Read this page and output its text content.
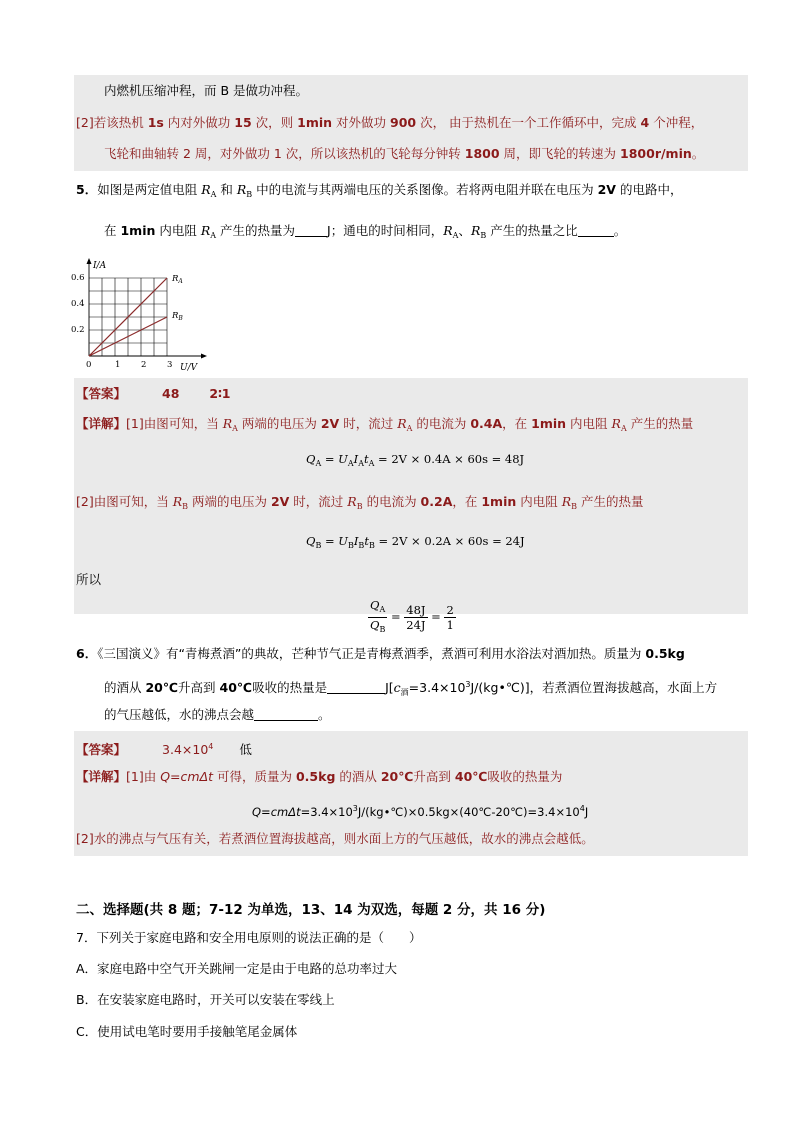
内燃机压缩冲程，而 B 是做功冲程。
[2]若该热机 1s 内对外做功 15 次，则 1min 对外做功 900 次， 由于热机在一个工作循环中，完成 4 个冲程，
飞轮和曲轴转 2 周，对外做功 1 次，所以该热机的飞轮每分钟转 1800 周，即飞轮的转速为 1800r/min。
5．如图是两定值电阻 $R_A$ 和 $R_B$ 中的电流与其两端电压的关系图像。若将两电阻并联在电压为 2V 的电路中，
在 1min 内电阻 $R_A$ 产生的热量为	J；通电的时间相同，$R_A$、$R_B$ 产生的热量之比	。
I/A
U/V
0.6
0.4
0.2
0	1 2 3
$R_A$
$R_B$
【答案】	48 2∶1
【详解】[1]由图可知，当 $R_A$ 两端的电压为 2V 时，流过 $R_A$ 的电流为 0.4A，在 1min 内电阻 $R_A$ 产生的热量
$Q_A = U_AI_At_A = 2V \times 0.4A \times 60s = 48J$
[2]由图可知，当 $R_B$ 两端的电压为 2V 时，流过 $R_B$ 的电流为 0.2A，在 1min 内电阻 $R_B$ 产生的热量
$Q_B = U_BI_Bt_B = 2V \times 0.2A \times 60s = 24J$
所以
$\frac{Q_A}{Q_B} = \frac{48J}{24J} = \frac{2}{1}$
6．《三国演义》有“青梅煮酒”的典故，芒种节气正是青梅煮酒季，煮酒可利用水浴法对酒加热。质量为 0.5kg
的酒从 20℃升高到 40℃吸收的热量是	$J[c_酒=3.4\times 10^3J/(kg•℃)]$，若煮酒位置海拔越高，水面上方
的气压越低，水的沸点会越	。
【答案】	$3.4\times 10^4$ 低
【详解】[1]由 Q=cmΔt 可得，质量为 0.5kg 的酒从 20℃升高到 40℃吸收的热量为
$Q=cm\Delta t=3.4\times 10^3J/(kg•℃)\times 0.5kg\times(40℃-20℃)=3.4\times 10^4J$
[2]水的沸点与气压有关，若煮酒位置海拔越高，则水面上方的气压越低，故水的沸点会越低。
二、选择题(共 8 题；7-12 为单选，13、14 为双选，每题 2 分，共 16 分)
7．下列关于家庭电路和安全用电原则的说法正确的是（　　）
A．家庭电路中空气开关跳闸一定是由于电路的总功率过大
B．在安装家庭电路时，开关可以安装在零线上
C．使用试电笔时要用手接触笔尾金属体
